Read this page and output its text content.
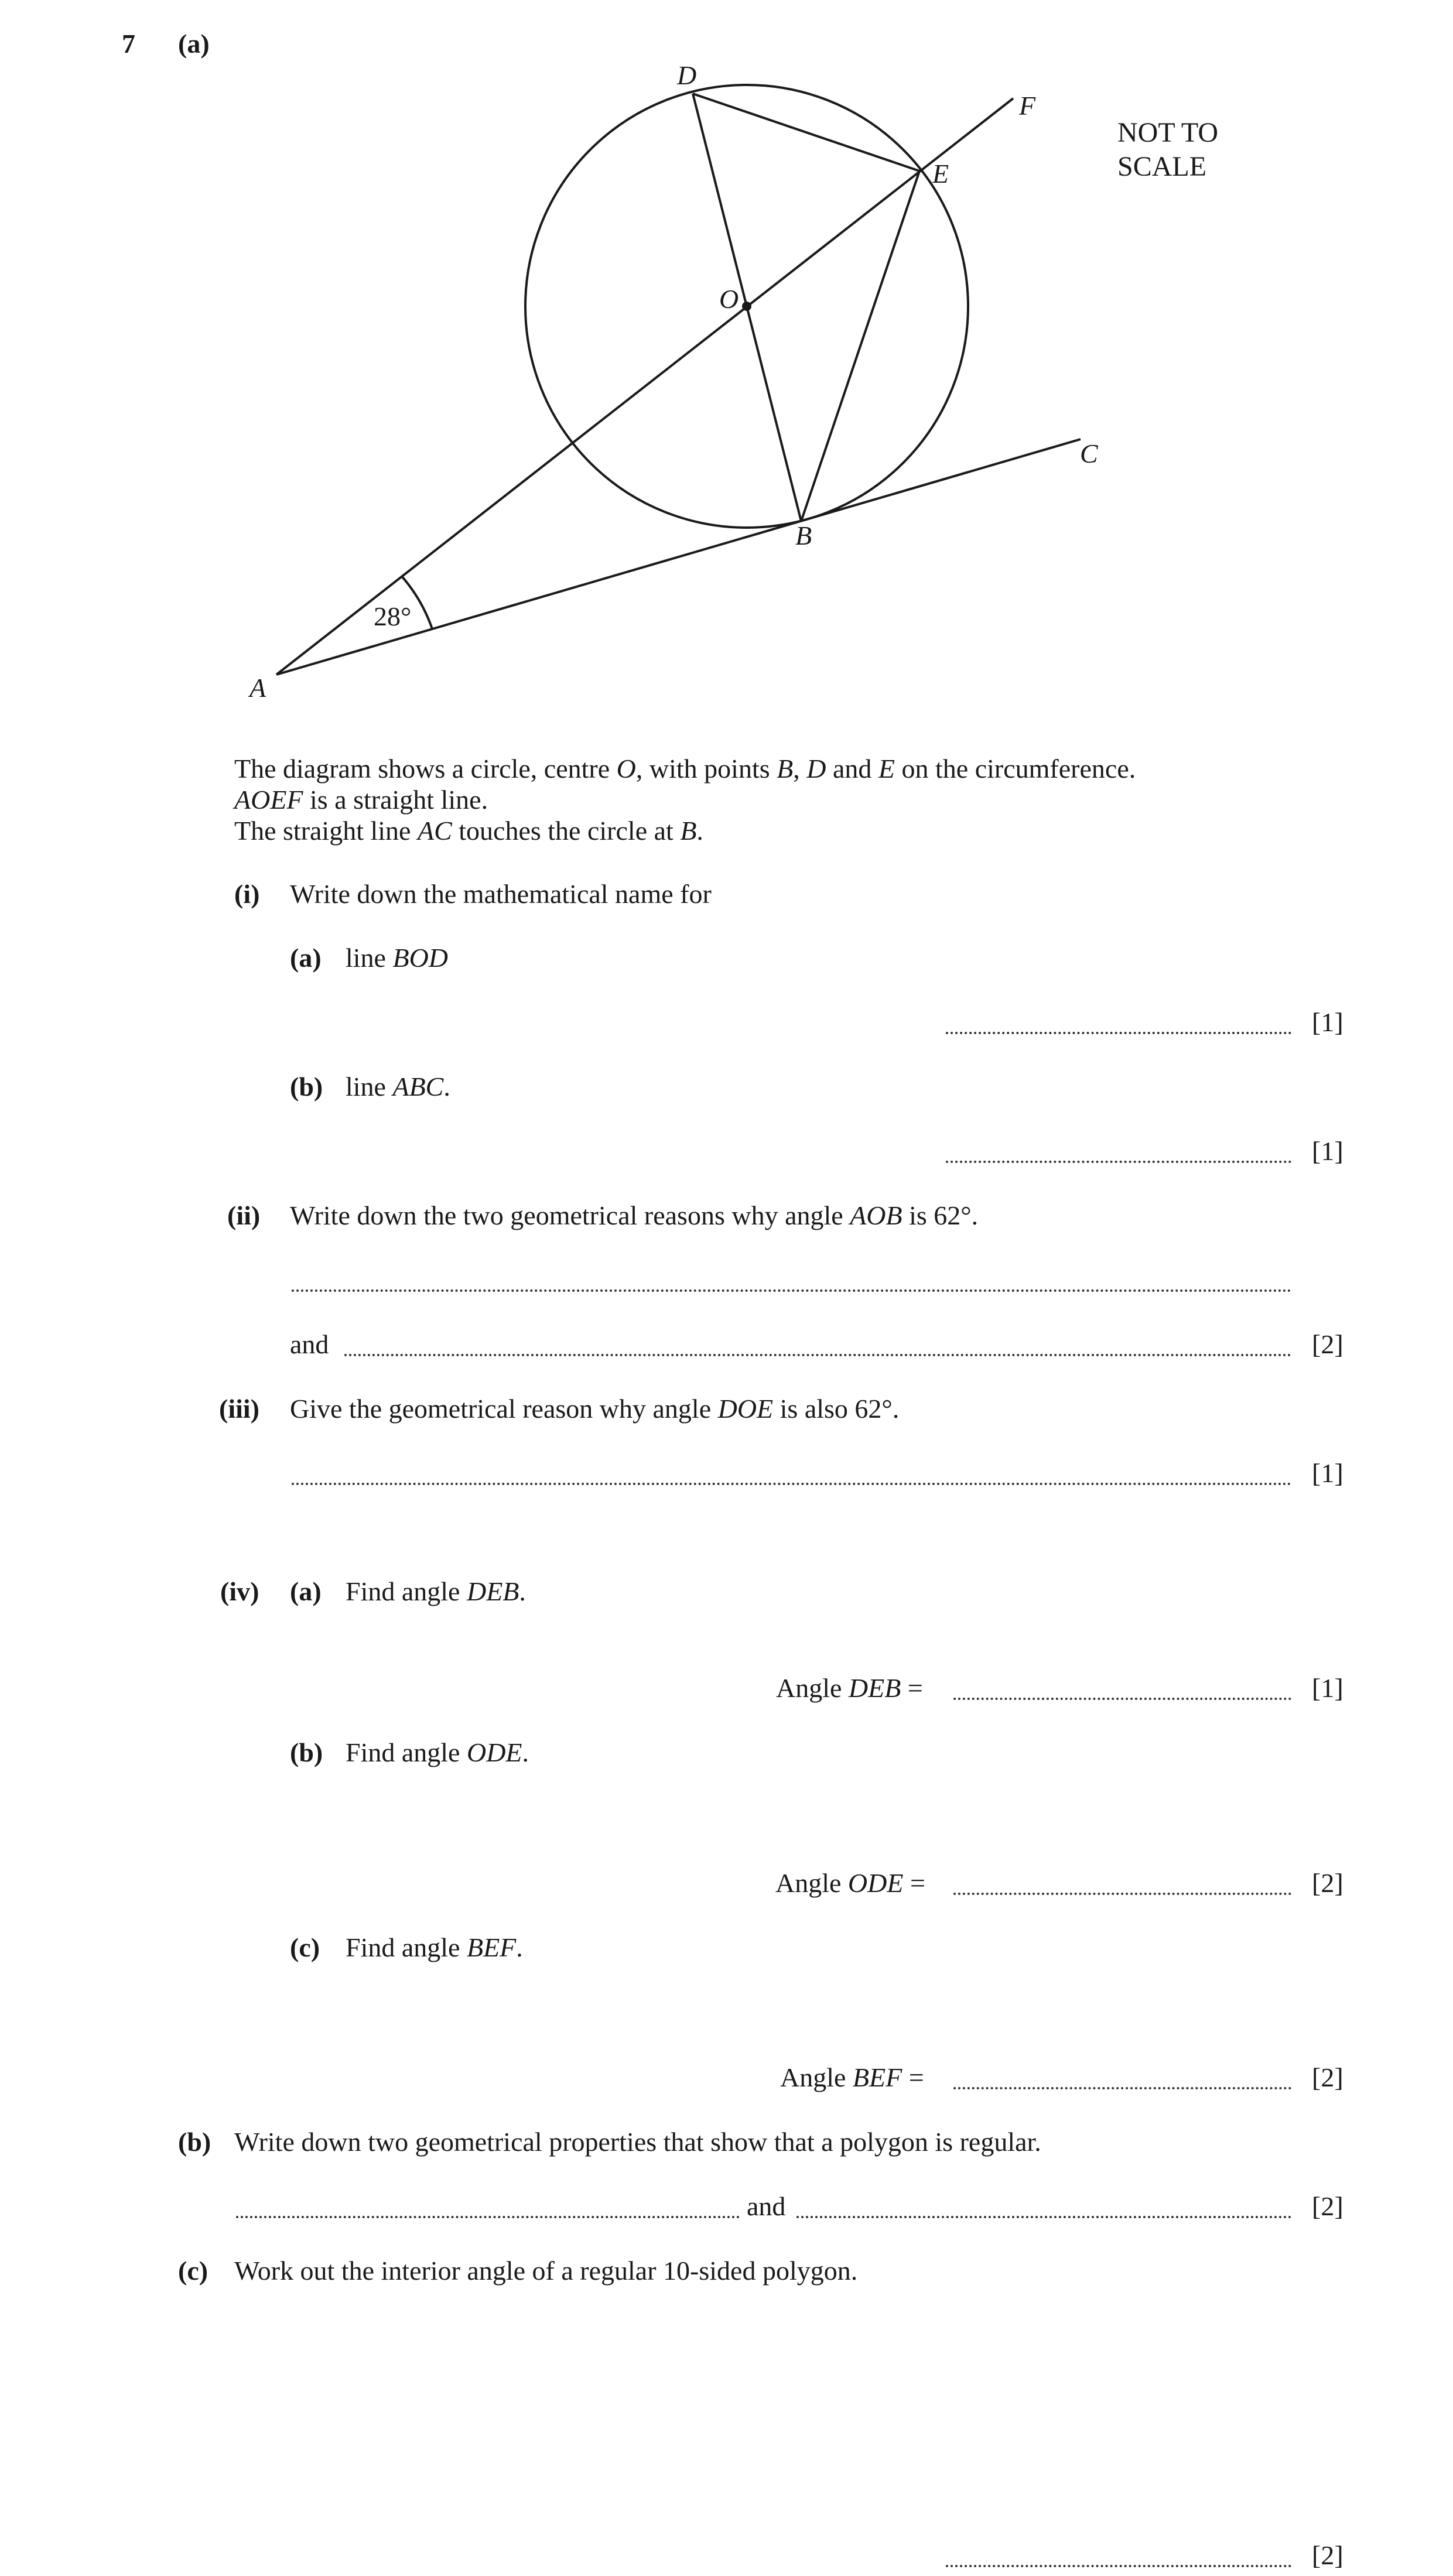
7 (a)
D
F
E
O
C
B
A
28°
NOT TO
SCALE
The diagram shows a circle, centre O, with points B, D and E on the circumference.
AOEF is a straight line.
The straight line AC touches the circle at B.
(i) Write down the mathematical name for
(a) line BOD
[1]
(b) line ABC.
[1]
(ii) Write down the two geometrical reasons why angle AOB is 62°.
and	[2]
(iii) Give the geometrical reason why angle DOE is also 62°.
[1]
(iv) (a) Find angle DEB.
Angle DEB =	[1]
(b) Find angle ODE.
Angle ODE =	[2]
(c) Find angle BEF.
Angle BEF =	[2]
(b) Write down two geometrical properties that show that a polygon is regular.
and	[2]
(c) Work out the interior angle of a regular 10-sided polygon.
[2]
